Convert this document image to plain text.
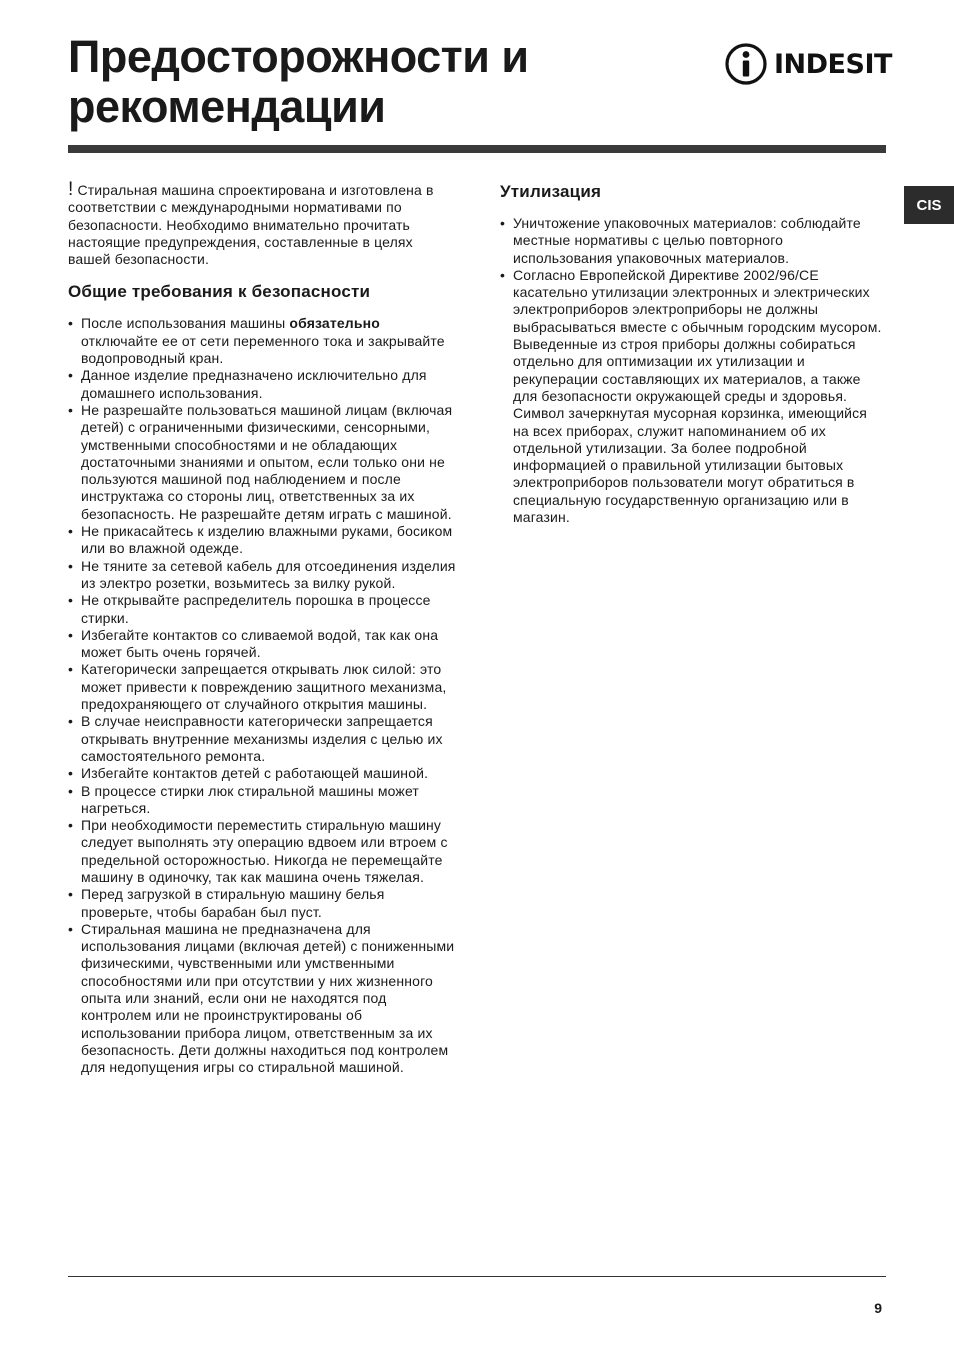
Предосторожности и рекомендации
INDESIT
CIS

! Стиральная машина спроектирована и изготовлена в соответствии с международными нормативами по безопасности. Необходимо внимательно прочитать настоящие предупреждения, составленные в целях вашей безопасности.

Общие требования к безопасности
• После использования машины обязательно отключайте ее от сети переменного тока и закрывайте водопроводный кран.
• Данное изделие предназначено исключительно для домашнего использования.
• Не разрешайте пользоваться машиной лицам (включая детей) с ограниченными физическими, сенсорными, умственными способностями и не обладающих достаточными знаниями и опытом, если только они не пользуются машиной под наблюдением и после инструктажа со стороны лиц, ответственных за их безопасность. Не разрешайте детям играть с машиной.
• Не прикасайтесь к изделию влажными руками, босиком или во влажной одежде.
• Не тяните за сетевой кабель для отсоединения изделия из электро розетки, возьмитесь за вилку рукой.
• Не открывайте распределитель порошка в процессе стирки.
• Избегайте контактов со сливаемой водой, так как она может быть очень горячей.
• Категорически запрещается открывать люк силой: это может привести к повреждению защитного механизма, предохраняющего от случайного открытия машины.
• В случае неисправности категорически запрещается открывать внутренние механизмы изделия с целью их самостоятельного ремонта.
• Избегайте контактов детей с работающей машиной.
• В процессе стирки люк стиральной машины может нагреться.
• При необходимости переместить стиральную машину следует выполнять эту операцию вдвоем или втроем с предельной осторожностью. Никогда не перемещайте машину в одиночку, так как машина очень тяжелая.
• Перед загрузкой в стиральную машину белья проверьте, чтобы барабан был пуст.
• Стиральная машина не предназначена для использования лицами (включая детей) с пониженными физическими, чувственными или умственными способностями или при отсутствии у них жизненного опыта или знаний, если они не находятся под контролем или не проинструктированы об использовании прибора лицом, ответственным за их безопасность. Дети должны находиться под контролем для недопущения игры со стиральной машиной.
Утилизация
• Уничтожение упаковочных материалов: соблюдайте местные нормативы с целью повторного использования упаковочных материалов.
• Согласно Европейской Директиве 2002/96/CE касательно утилизации электронных и электрических электроприборов электроприборы не должны выбрасываться вместе с обычным городским мусором. Выведенные из строя приборы должны собираться отдельно для оптимизации их утилизации и рекуперации составляющих их материалов, а также для безопасности окружающей среды и здоровья. Символ зачеркнутая мусорная корзинка, имеющийся на всех приборах, служит напоминанием об их отдельной утилизации. За более подробной информацией о правильной утилизации бытовых электроприборов пользователи могут обратиться в специальную государственную организацию или в магазин.
9
